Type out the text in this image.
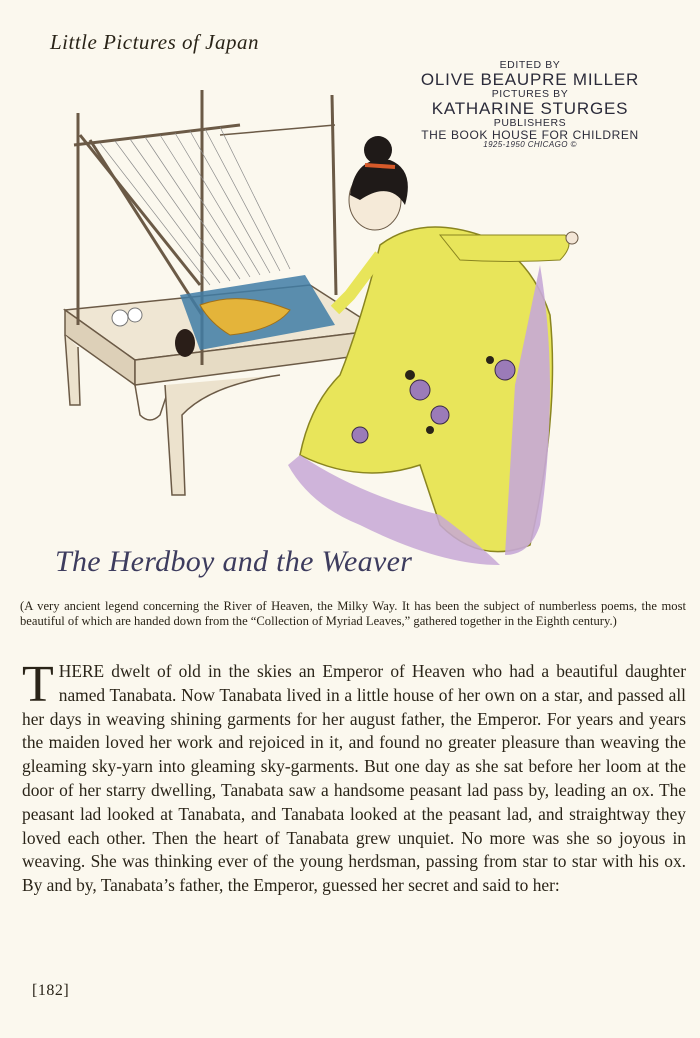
Little Pictures of Japan
EDITED BY
OLIVE BEAUPRE MILLER
PICTURES BY
KATHARINE STURGES
PUBLISHERS
THE BOOK HOUSE FOR CHILDREN
1925-1950 CHICAGO ©
The Herdboy and the Weaver
(A very ancient legend concerning the River of Heaven, the Milky Way. It has been the subject of numberless poems, the most beautiful of which are handed down from the “Collection of Myriad Leaves,” gathered together in the Eighth century.)
THERE dwelt of old in the skies an Emperor of Heaven who had a beautiful daughter named Tanabata. Now Tanabata lived in a little house of her own on a star, and passed all her days in weaving shining garments for her august father, the Emperor. For years and years the maiden loved her work and rejoiced in it, and found no greater pleasure than weaving the gleaming sky-yarn into gleaming sky-garments. But one day as she sat before her loom at the door of her starry dwelling, Tanabata saw a handsome peasant lad pass by, leading an ox. The peasant lad looked at Tanabata, and Tanabata looked at the peasant lad, and straightway they loved each other. Then the heart of Tanabata grew unquiet. No more was she so joyous in weaving. She was thinking ever of the young herdsman, passing from star to star with his ox. By and by, Tanabata’s father, the Emperor, guessed her secret and said to her:
[182]
